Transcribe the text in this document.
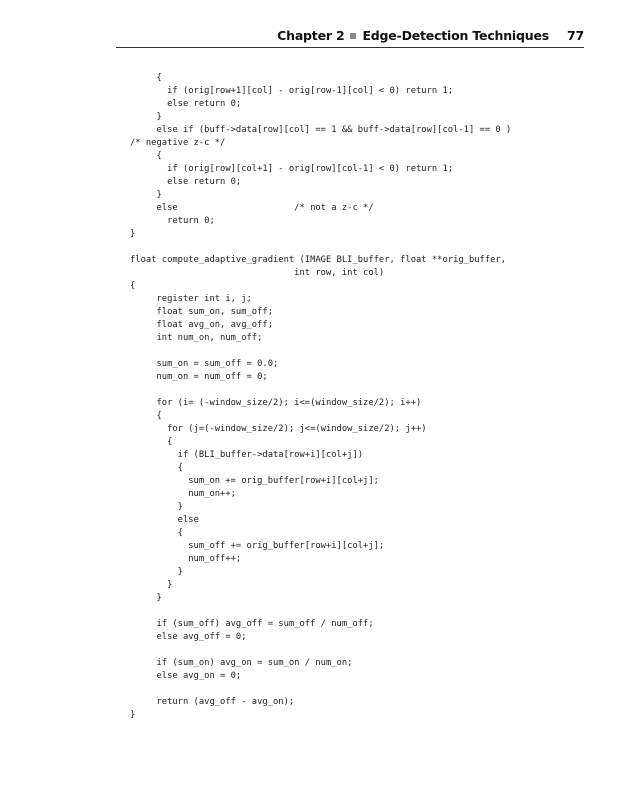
Chapter 2 Edge-Detection Techniques 77
{
if (orig[row+1][col] - orig[row-1][col] < 0) return 1;
else return 0;
}
else if (buff->data[row][col] == 1 && buff->data[row][col-1] == 0 )
/* negative z-c */
{
if (orig[row][col+1] - orig[row][col-1] < 0) return 1;
else return 0;
}
else                      /* not a z-c */
return 0;
}
float compute_adaptive_gradient (IMAGE BLI_buffer, float **orig_buffer,
int row, int col)
{
register int i, j;
float sum_on, sum_off;
float avg_on, avg_off;
int num_on, num_off;
sum_on = sum_off = 0.0;
num_on = num_off = 0;
for (i= (-window_size/2); i<=(window_size/2); i++)
{
for (j=(-window_size/2); j<=(window_size/2); j++)
{
if (BLI_buffer->data[row+i][col+j])
{
sum_on += orig_buffer[row+i][col+j];
num_on++;
}
else
{
sum_off += orig_buffer[row+i][col+j];
num_off++;
}
}
}
if (sum_off) avg_off = sum_off / num_off;
else avg_off = 0;
if (sum_on) avg_on = sum_on / num_on;
else avg_on = 0;
return (avg_off - avg_on);
}
